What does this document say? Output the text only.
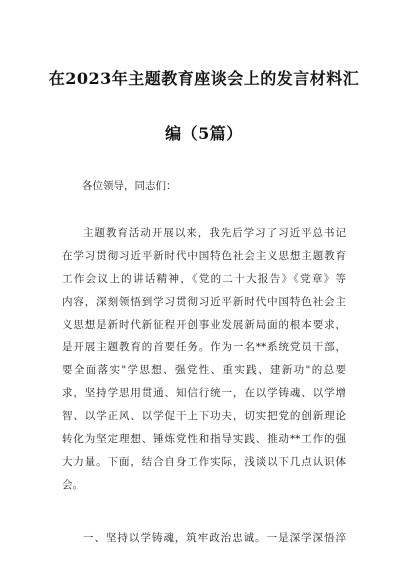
在2023年主题教育座谈会上的发言材料汇
编（5篇）
各位领导，同志们：
主题教育活动开展以来，我先后学习了习近平总书记
在学习贯彻习近平新时代中国特色社会主义思想主题教育
工作会议上的讲话精神，《党的二十大报告》《党章》等
内容，深刻领悟到学习贯彻习近平新时代中国特色社会主
义思想是新时代新征程开创事业发展新局面的根本要求，
是开展主题教育的首要任务。作为一名**系统党员干部，
要全面落实"学思想、强党性、重实践、建新功"的总要
求，坚持学思用贯通、知信行统一，在以学铸魂、以学增
智、以学正风、以学促干上下功夫，切实把党的创新理论
转化为坚定理想、锤炼党性和指导实践、推动**工作的强
大力量。下面，结合自身工作实际，浅谈以下几点认识体
会。
一、坚持以学铸魂，筑牢政治忠诚。一是深学深悟淬
